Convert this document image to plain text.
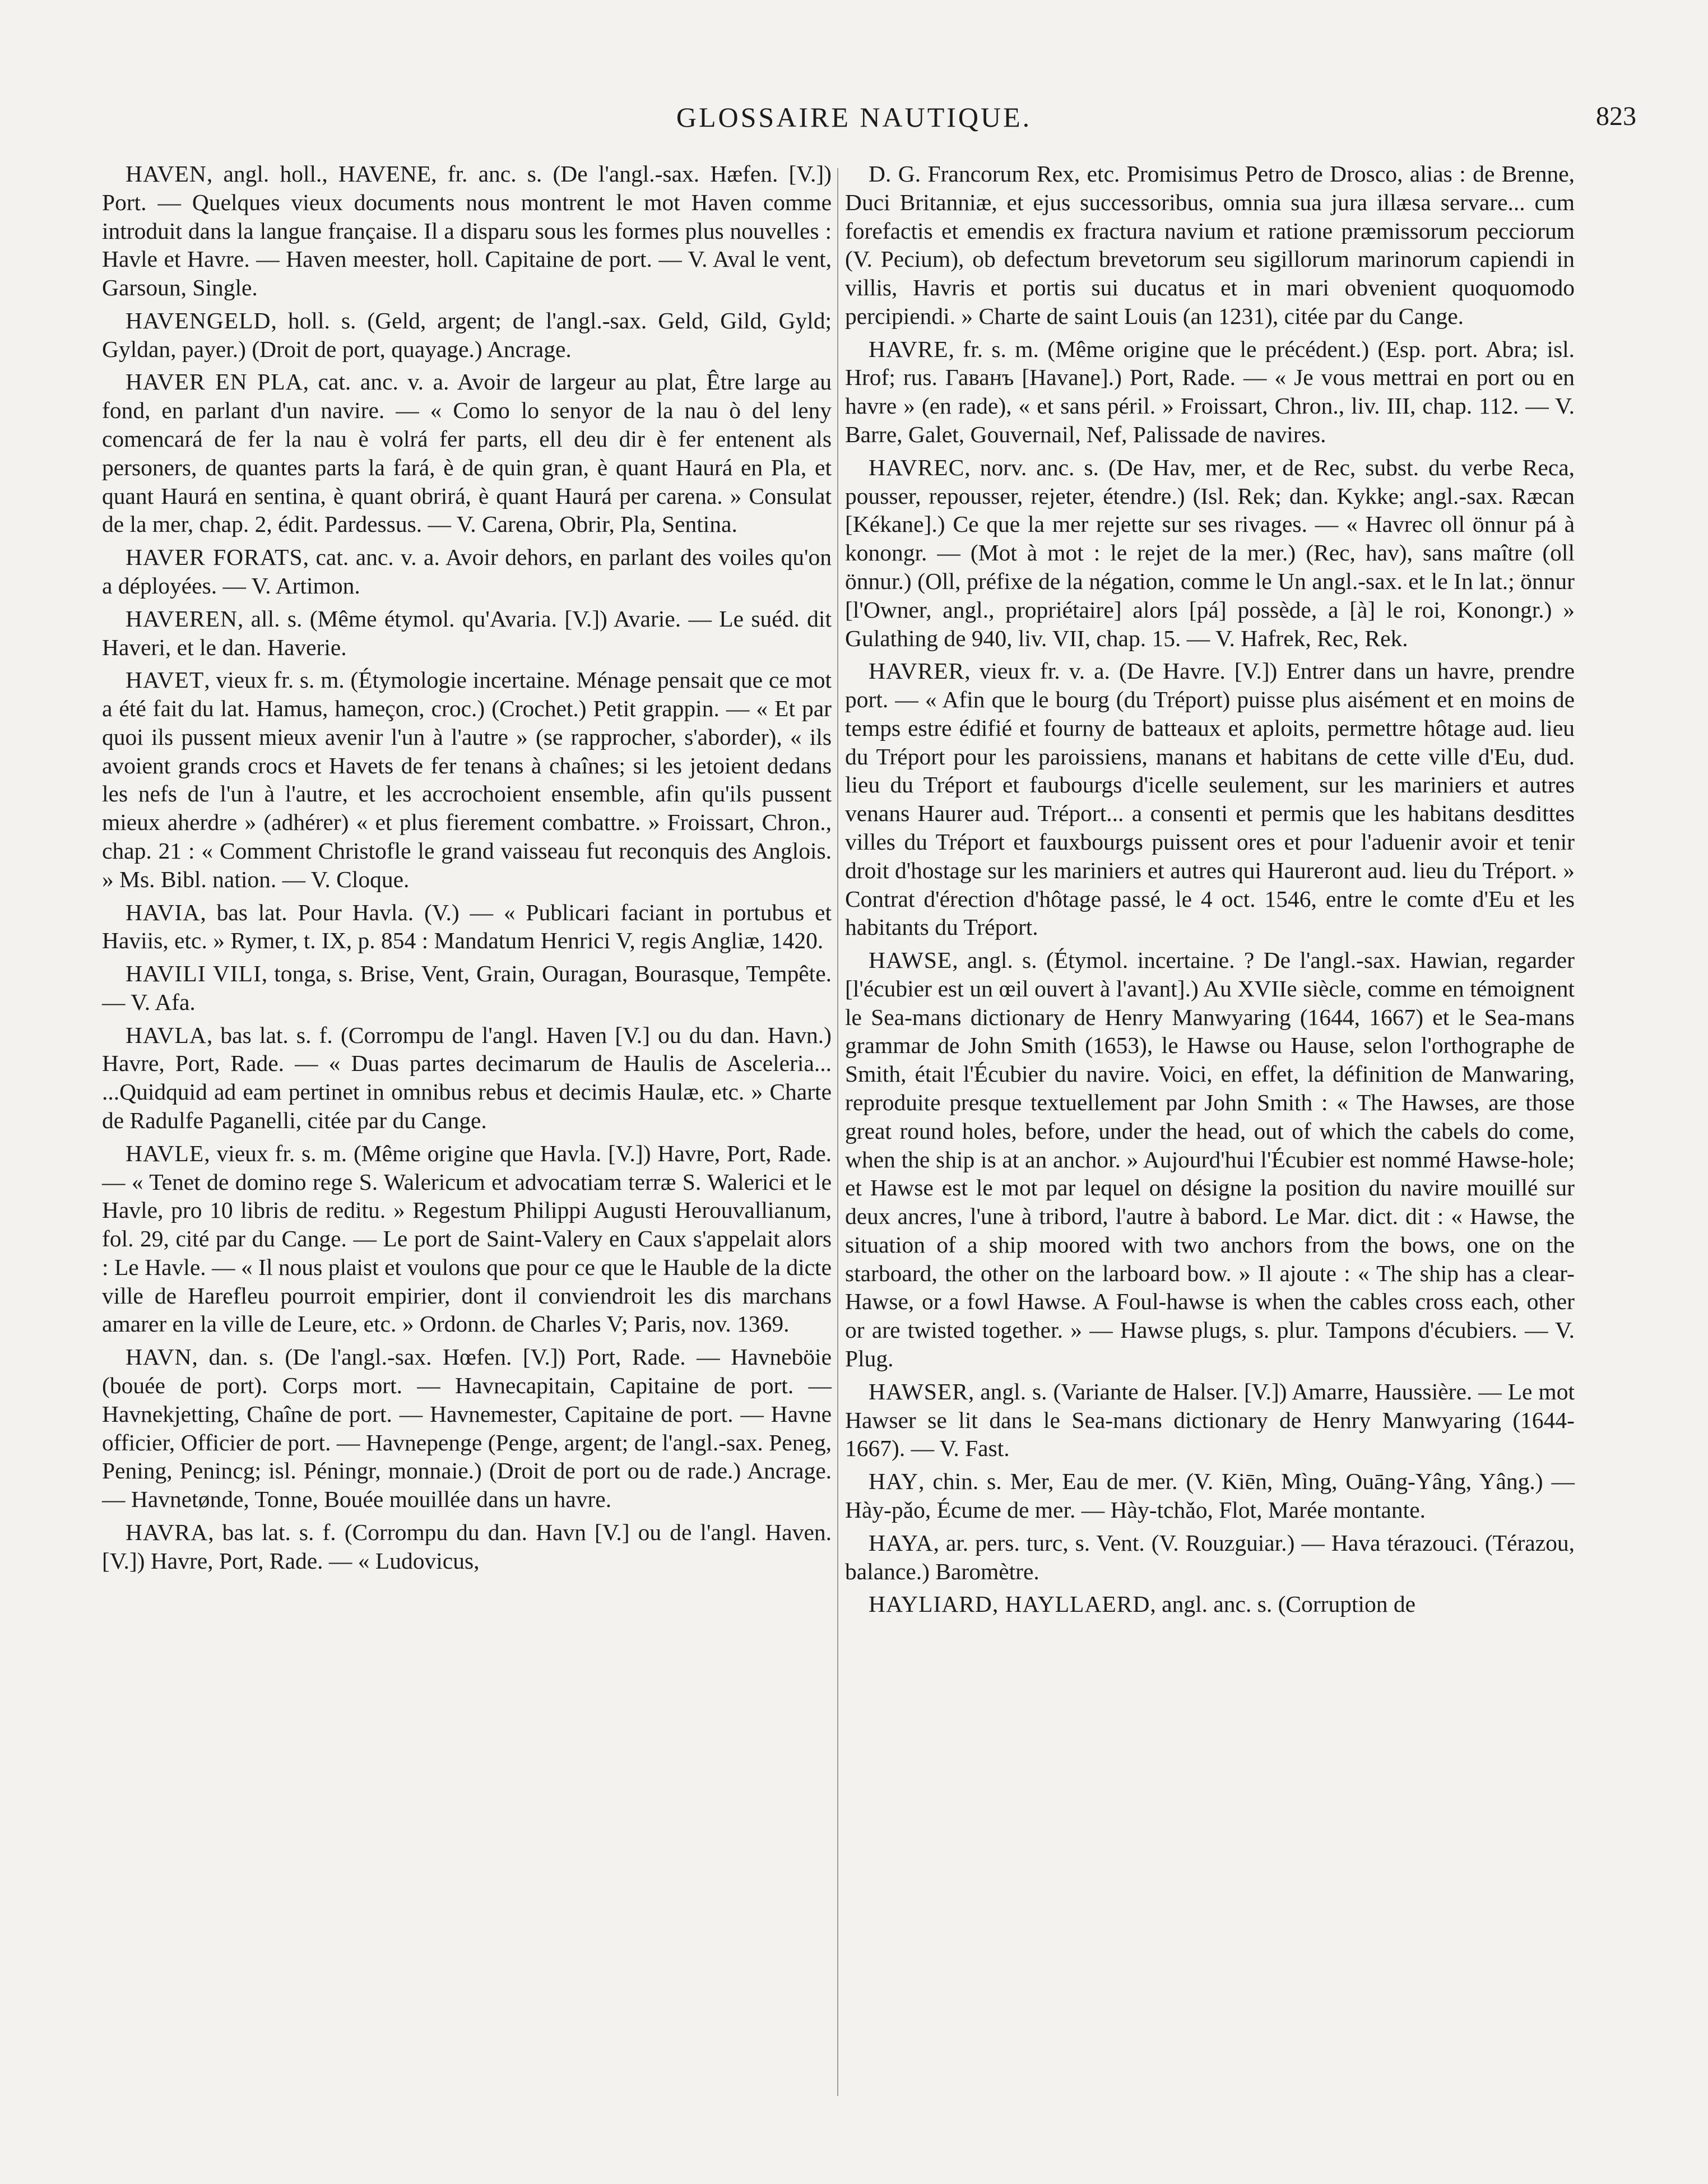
GLOSSAIRE NAUTIQUE.	823

HAVEN, angl. holl., HAVENE, fr. anc. s. (De l'angl.-sax. Hæfen. [V.]) Port. — Quelques vieux documents nous montrent le mot Haven comme introduit dans la langue française. Il a disparu sous les formes plus nouvelles : Havle et Havre. — Haven meester, holl. Capitaine de port. — V. Aval le vent, Garsoun, Single.

HAVENGELD, holl. s. (Geld, argent; de l'angl.-sax. Geld, Gild, Gyld; Gyldan, payer.) (Droit de port, quayage.) Ancrage.

HAVER EN PLA, cat. anc. v. a. Avoir de largeur au plat, Être large au fond, en parlant d'un navire. — « Como lo senyor de la nau ò del leny comencará de fer la nau è volrá fer parts, ell deu dir è fer entenent als personers, de quantes parts la fará, è de quin gran, è quant Haurá en Pla, et quant Haurá en sentina, è quant obrirá, è quant Haurá per carena. » Consulat de la mer, chap. 2, édit. Pardessus. — V. Carena, Obrir, Pla, Sentina.

HAVER FORATS, cat. anc. v. a. Avoir dehors, en parlant des voiles qu'on a déployées. — V. Artimon.

HAVEREN, all. s. (Même étymol. qu'Avaria. [V.]) Avarie. — Le suéd. dit Haveri, et le dan. Haverie.

HAVET, vieux fr. s. m. (Étymologie incertaine. Ménage pensait que ce mot a été fait du lat. Hamus, hameçon, croc.) (Crochet.) Petit grappin. — « Et par quoi ils pussent mieux avenir l'un à l'autre » (se rapprocher, s'aborder), « ils avoient grands crocs et Havets de fer tenans à chaînes; si les jetoient dedans les nefs de l'un à l'autre, et les accrochoient ensemble, afin qu'ils pussent mieux aherdre » (adhérer) « et plus fierement combattre. » Froissart, Chron., chap. 21 : « Comment Christofle le grand vaisseau fut reconquis des Anglois. » Ms. Bibl. nation. — V. Cloque.

HAVIA, bas lat. Pour Havla. (V.) — « Publicari faciant in portubus et Haviis, etc. » Rymer, t. IX, p. 854 : Mandatum Henrici V, regis Angliæ, 1420.

HAVILI VILI, tonga, s. Brise, Vent, Grain, Ouragan, Bourasque, Tempête. — V. Afa.

HAVLA, bas lat. s. f. (Corrompu de l'angl. Haven [V.] ou du dan. Havn.) Havre, Port, Rade. — « Duas partes decimarum de Haulis de Asceleria... ...Quidquid ad eam pertinet in omnibus rebus et decimis Haulæ, etc. » Charte de Radulfe Paganelli, citée par du Cange.

HAVLE, vieux fr. s. m. (Même origine que Havla. [V.]) Havre, Port, Rade. — « Tenet de domino rege S. Walericum et advocatiam terræ S. Walerici et le Havle, pro 10 libris de reditu. » Regestum Philippi Augusti Herouvallianum, fol. 29, cité par du Cange. — Le port de Saint-Valery en Caux s'appelait alors : Le Havle. — « Il nous plaist et voulons que pour ce que le Hauble de la dicte ville de Harefleu pourroit empirier, dont il conviendroit les dis marchans amarer en la ville de Leure, etc. » Ordonn. de Charles V; Paris, nov. 1369.

HAVN, dan. s. (De l'angl.-sax. Hœfen. [V.]) Port, Rade. — Havneböie (bouée de port). Corps mort. — Havnecapitain, Capitaine de port. — Havnekjetting, Chaîne de port. — Havnemester, Capitaine de port. — Havne officier, Officier de port. — Havnepenge (Penge, argent; de l'angl.-sax. Peneg, Pening, Penincg; isl. Péningr, monnaie.) (Droit de port ou de rade.) Ancrage. — Havnetønde, Tonne, Bouée mouillée dans un havre.

HAVRA, bas lat. s. f. (Corrompu du dan. Havn [V.] ou de l'angl. Haven. [V.]) Havre, Port, Rade. — « Ludovicus,

D. G. Francorum Rex, etc. Promisimus Petro de Drosco, alias : de Brenne, Duci Britanniæ, et ejus successoribus, omnia sua jura illæsa servare... cum forefactis et emendis ex fractura navium et ratione præmissorum pecciorum (V. Pecium), ob defectum brevetorum seu sigillorum marinorum capiendi in villis, Havris et portis sui ducatus et in mari obvenient quoquomodo percipiendi. » Charte de saint Louis (an 1231), citée par du Cange.

HAVRE, fr. s. m. (Même origine que le précédent.) (Esp. port. Abra; isl. Hrof; rus. Гаванъ [Havane].) Port, Rade. — « Je vous mettrai en port ou en havre » (en rade), « et sans péril. » Froissart, Chron., liv. III, chap. 112. — V. Barre, Galet, Gouvernail, Nef, Palissade de navires.

HAVREC, norv. anc. s. (De Hav, mer, et de Rec, subst. du verbe Reca, pousser, repousser, rejeter, étendre.) (Isl. Rek; dan. Kykke; angl.-sax. Ræcan [Kékane].) Ce que la mer rejette sur ses rivages. — « Havrec oll önnur pá à konongr. — (Mot à mot : le rejet de la mer.) (Rec, hav), sans maître (oll önnur.) (Oll, préfixe de la négation, comme le Un angl.-sax. et le In lat.; önnur [l'Owner, angl., propriétaire] alors [pá] possède, a [à] le roi, Konongr.) » Gulathing de 940, liv. VII, chap. 15. — V. Hafrek, Rec, Rek.

HAVRER, vieux fr. v. a. (De Havre. [V.]) Entrer dans un havre, prendre port. — « Afin que le bourg (du Tréport) puisse plus aisément et en moins de temps estre édifié et fourny de batteaux et aploits, permettre hôtage aud. lieu du Tréport pour les paroissiens, manans et habitans de cette ville d'Eu, dud. lieu du Tréport et faubourgs d'icelle seulement, sur les mariniers et autres venans Haurer aud. Tréport... a consenti et permis que les habitans desdittes villes du Tréport et fauxbourgs puissent ores et pour l'aduenir avoir et tenir droit d'hostage sur les mariniers et autres qui Haureront aud. lieu du Tréport. » Contrat d'érection d'hôtage passé, le 4 oct. 1546, entre le comte d'Eu et les habitants du Tréport.

HAWSE, angl. s. (Étymol. incertaine. ? De l'angl.-sax. Hawian, regarder [l'écubier est un œil ouvert à l'avant].) Au XVIIe siècle, comme en témoignent le Sea-mans dictionary de Henry Manwyaring (1644, 1667) et le Sea-mans grammar de John Smith (1653), le Hawse ou Hause, selon l'orthographe de Smith, était l'Écubier du navire. Voici, en effet, la définition de Manwaring, reproduite presque textuellement par John Smith : « The Hawses, are those great round holes, before, under the head, out of which the cabels do come, when the ship is at an anchor. » Aujourd'hui l'Écubier est nommé Hawse-hole; et Hawse est le mot par lequel on désigne la position du navire mouillé sur deux ancres, l'une à tribord, l'autre à babord. Le Mar. dict. dit : « Hawse, the situation of a ship moored with two anchors from the bows, one on the starboard, the other on the larboard bow. » Il ajoute : « The ship has a clear-Hawse, or a fowl Hawse. A Foul-hawse is when the cables cross each, other or are twisted together. » — Hawse plugs, s. plur. Tampons d'écubiers. — V. Plug.

HAWSER, angl. s. (Variante de Halser. [V.]) Amarre, Haussière. — Le mot Hawser se lit dans le Sea-mans dictionary de Henry Manwyaring (1644-1667). — V. Fast.

HAY, chin. s. Mer, Eau de mer. (V. Kiēn, Mìng, Ouāng-Yâng, Yâng.) — Hày-pǎo, Écume de mer. — Hày-tchǎo, Flot, Marée montante.

HAYA, ar. pers. turc, s. Vent. (V. Rouzguiar.) — Hava térazouci. (Térazou, balance.) Baromètre.

HAYLIARD, HAYLLAERD, angl. anc. s. (Corruption de
